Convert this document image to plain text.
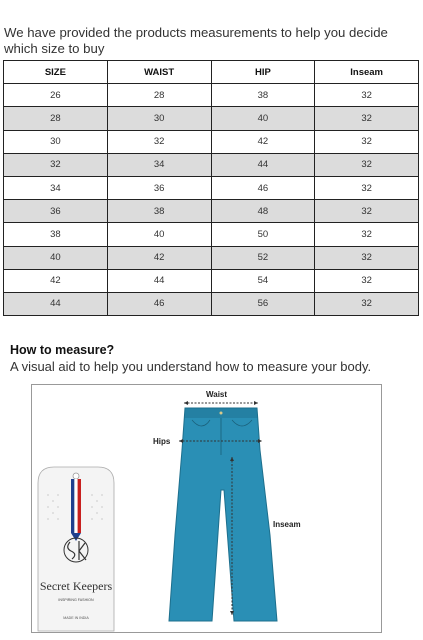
We have provided the products measurements to help you decide which size to buy
SIZE	WAIST	HIP	Inseam
26	28	38	32
28	30	40	32
30	32	42	32
32	34	44	32
34	36	46	32
36	38	48	32
38	40	50	32
40	42	52	32
42	44	54	32
44	46	56	32
How to measure?
A visual aid to help you understand how to measure your body.
Secret Keepers
INSPIRING FASHION
MADE IN INDIA
Waist
Hips
Inseam
